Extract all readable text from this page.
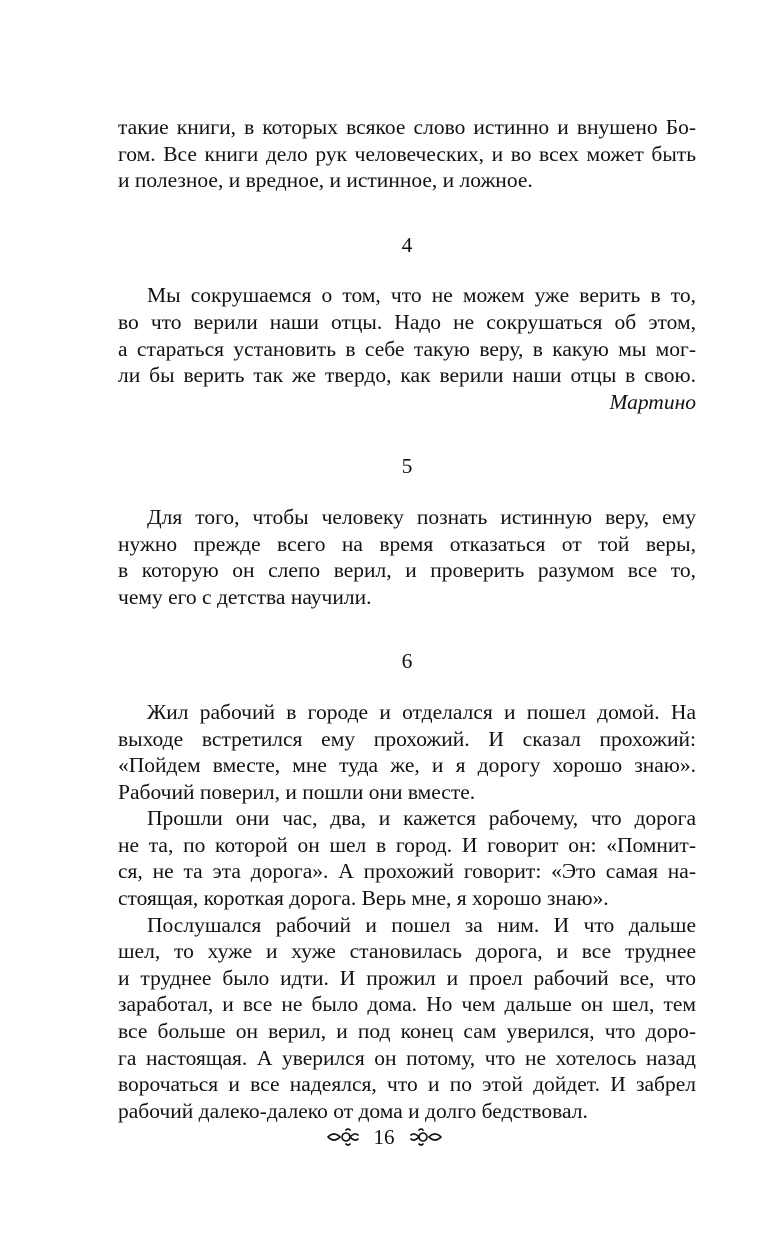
такие книги, в которых всякое слово истинно и внушено Бо-

гом. Все книги дело рук человеческих, и во всех может быть

и полезное, и вредное, и истинное, и ложное.

4

Мы сокрушаемся о том, что не можем уже верить в то,

во что верили наши отцы. Надо не сокрушаться об этом,

а стараться установить в себе такую веру, в какую мы мог-

ли бы верить так же твердо, как верили наши отцы в свою.

Мартино

5

Для того, чтобы человеку познать истинную веру, ему

нужно прежде всего на время отказаться от той веры,

в которую он слепо верил, и проверить разумом все то,

чему его с детства научили.

6

Жил рабочий в городе и отделался и пошел домой. На

выходе встретился ему прохожий. И сказал прохожий:

«Пойдем вместе, мне туда же, и я дорогу хорошо знаю».

Рабочий поверил, и пошли они вместе.

Прошли они час, два, и кажется рабочему, что дорога

не та, по которой он шел в город. И говорит он: «Помнит-

ся, не та эта дорога». А прохожий говорит: «Это самая на-

стоящая, короткая дорога. Верь мне, я хорошо знаю».

Послушался рабочий и пошел за ним. И что дальше

шел, то хуже и хуже становилась дорога, и все труднее

и труднее было идти. И прожил и проел рабочий все, что

заработал, и все не было дома. Но чем дальше он шел, тем

все больше он верил, и под конец сам уверился, что доро-

га настоящая. А уверился он потому, что не хотелось назад

ворочаться и все надеялся, что и по этой дойдет. И забрел

рабочий далеко-далеко от дома и долго бедствовал.

16
